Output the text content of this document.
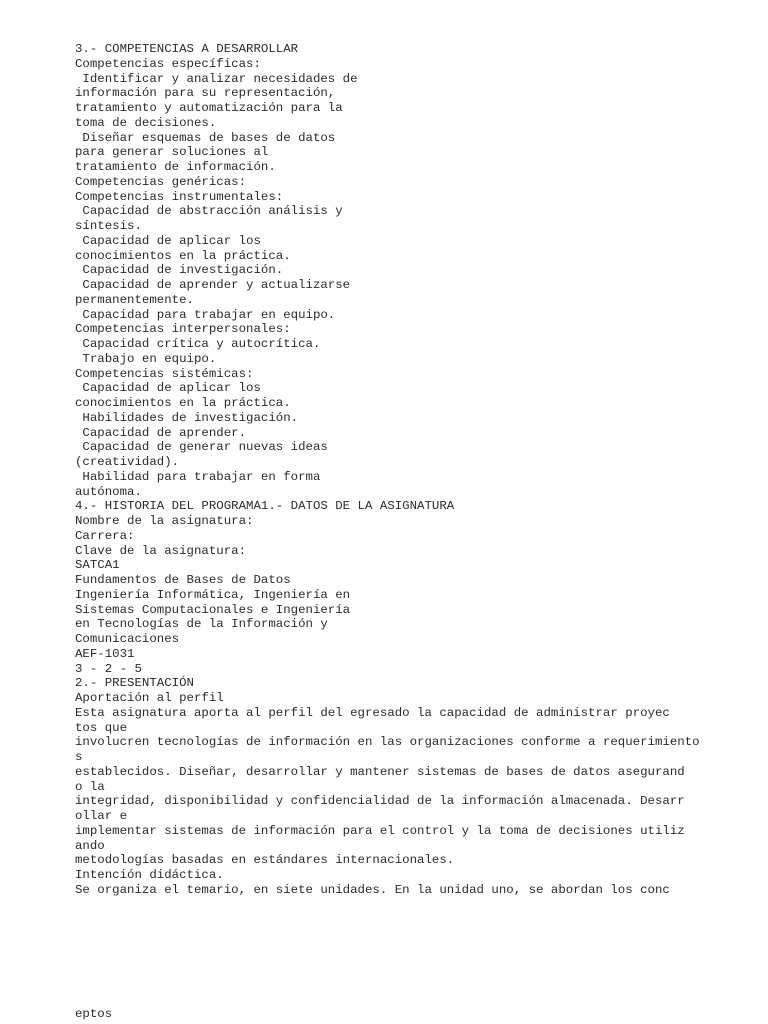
3.- COMPETENCIAS A DESARROLLAR
Competencias específicas:
Identificar y analizar necesidades de
información para su representación,
tratamiento y automatización para la
toma de decisiones.
Diseñar esquemas de bases de datos
para generar soluciones al
tratamiento de información.
Competencias genéricas:
Competencias instrumentales:
Capacidad de abstracción análisis y
síntesis.
Capacidad de aplicar los
conocimientos en la práctica.
Capacidad de investigación.
Capacidad de aprender y actualizarse
permanentemente.
Capacidad para trabajar en equipo.
Competencias interpersonales:
Capacidad crítica y autocrítica.
Trabajo en equipo.
Competencias sistémicas:
Capacidad de aplicar los
conocimientos en la práctica.
Habilidades de investigación.
Capacidad de aprender.
Capacidad de generar nuevas ideas
(creatividad).
Habilidad para trabajar en forma
autónoma.
4.- HISTORIA DEL PROGRAMA1.- DATOS DE LA ASIGNATURA
Nombre de la asignatura:
Carrera:
Clave de la asignatura:
SATCA1
Fundamentos de Bases de Datos
Ingeniería Informática, Ingeniería en
Sistemas Computacionales e Ingeniería
en Tecnologías de la Información y
Comunicaciones
AEF-1031
3 - 2 - 5
2.- PRESENTACIÓN
Aportación al perfil
Esta asignatura aporta al perfil del egresado la capacidad de administrar proyec
tos que
involucren tecnologías de información en las organizaciones conforme a requerimiento
s
establecidos. Diseñar, desarrollar y mantener sistemas de bases de datos asegurand
o la
integridad, disponibilidad y confidencialidad de la información almacenada. Desarr
ollar e
implementar sistemas de información para el control y la toma de decisiones utiliz
ando
metodologías basadas en estándares internacionales.
Intención didáctica.
Se organiza el temario, en siete unidades. En la unidad uno, se abordan los conc
eptos
